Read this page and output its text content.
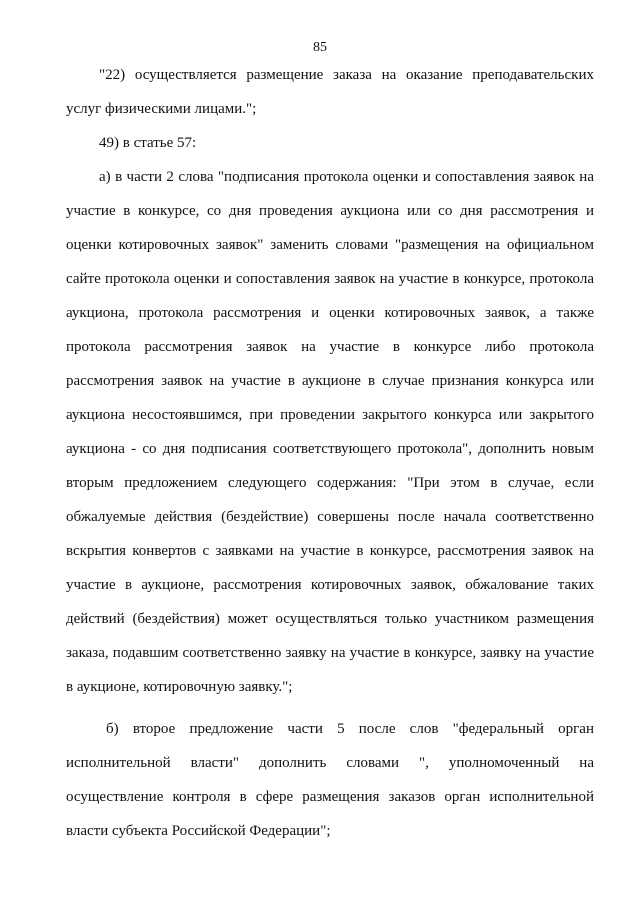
85
"22) осуществляется размещение заказа на оказание преподавательских
услуг физическими лицами.";
49) в статье 57:
а) в части 2 слова "подписания протокола оценки и сопоставления заявок на
участие в конкурсе, со дня проведения аукциона или со дня рассмотрения и
оценки котировочных заявок" заменить словами "размещения на официальном
сайте протокола оценки и сопоставления заявок на участие в конкурсе, протокола
аукциона, протокола рассмотрения и оценки котировочных заявок, а также
протокола рассмотрения заявок на участие в конкурсе либо протокола
рассмотрения заявок на участие в аукционе в случае признания конкурса или
аукциона несостоявшимся, при проведении закрытого конкурса или закрытого
аукциона - со дня подписания соответствующего протокола", дополнить новым
вторым предложением следующего содержания: "При этом в случае, если
обжалуемые действия (бездействие) совершены после начала соответственно
вскрытия конвертов с заявками на участие в конкурсе, рассмотрения заявок на
участие в аукционе, рассмотрения котировочных заявок, обжалование таких
действий (бездействия) может осуществляться только участником размещения
заказа, подавшим соответственно заявку на участие в конкурсе, заявку на участие
в аукционе, котировочную заявку.";
б) второе предложение части 5 после слов "федеральный орган
исполнительной власти" дополнить словами ", уполномоченный на
осуществление контроля в сфере размещения заказов орган исполнительной
власти субъекта Российской Федерации";
